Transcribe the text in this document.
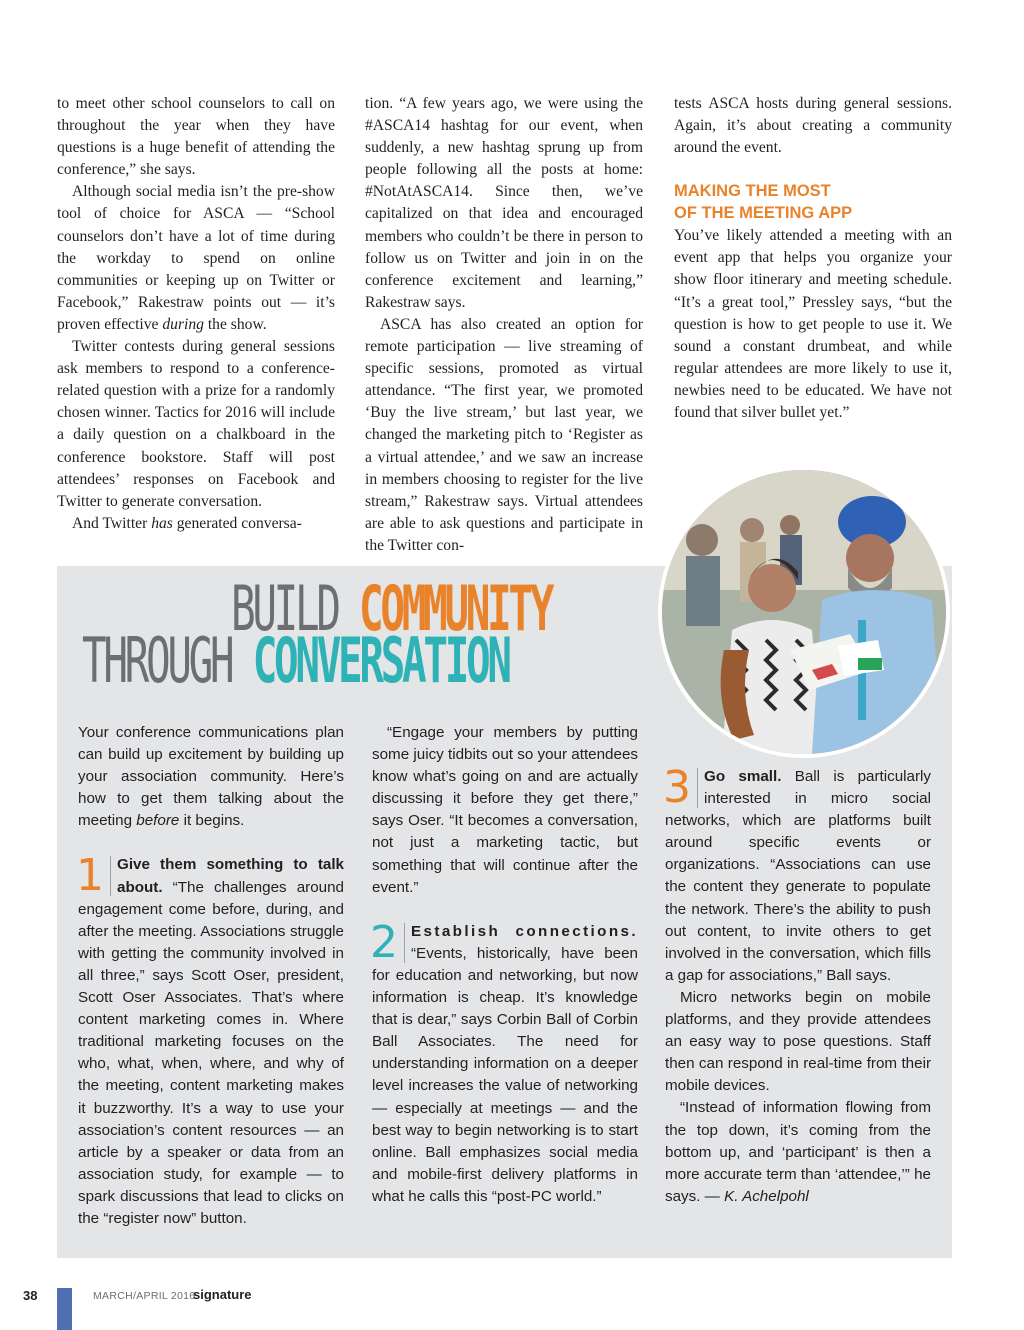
to meet other school counselors to call on throughout the year when they have questions is a huge benefit of attending the conference,” she says.

Although social media isn’t the pre-show tool of choice for ASCA — “School counselors don’t have a lot of time during the workday to spend on online communities or keeping up on Twitter or Facebook,” Rakestraw points out — it’s proven effective during the show.

Twitter contests during general sessions ask members to respond to a conference-related question with a prize for a randomly chosen winner. Tactics for 2016 will include a daily question on a chalkboard in the conference bookstore. Staff will post attendees’ responses on Facebook and Twitter to generate conversation.

And Twitter has generated conversa-

tion. “A few years ago, we were using the #ASCA14 hashtag for our event, when suddenly, a new hashtag sprung up from people following all the posts at home: #NotAtASCA14. Since then, we’ve capitalized on that idea and encouraged members who couldn’t be there in person to follow us on Twitter and join in on the conference excitement and learning,” Rakestraw says.

ASCA has also created an option for remote participation — live streaming of specific sessions, promoted as virtual attendance. “The first year, we promoted ‘Buy the live stream,’ but last year, we changed the marketing pitch to ‘Register as a virtual attendee,’ and we saw an increase in members choosing to register for the live stream,” Rakestraw says. Virtual attendees are able to ask questions and participate in the Twitter con-

tests ASCA hosts during general sessions. Again, it’s about creating a community around the event.

MAKING THE MOST
OF THE MEETING APP

You’ve likely attended a meeting with an event app that helps you organize your show floor itinerary and meeting schedule. “It’s a great tool,” Pressley says, “but the question is how to get people to use it. We sound a constant drumbeat, and while regular attendees are more likely to use it, newbies need to be educated. We have not found that silver bullet yet.”

BUILD COMMUNITY
THROUGH CONVERSATION

Your conference communications plan can build up excitement by building up your association community. Here’s how to get them talking about the meeting before it begins.

1 Give them something to talk about. “The challenges around engagement come before, during, and after the meeting. Associations struggle with getting the community involved in all three,” says Scott Oser, president, Scott Oser Associates. That’s where content marketing comes in. Where traditional marketing focuses on the who, what, when, where, and why of the meeting, content marketing makes it buzzworthy. It’s a way to use your association’s content resources — an article by a speaker or data from an association study, for example — to spark discussions that lead to clicks on the “register now” button.

“Engage your members by putting some juicy tidbits out so your attendees know what’s going on and are actually discussing it before they get there,” says Oser. “It becomes a conversation, not just a marketing tactic, but something that will continue after the event.”

2 Establish connections. “Events, historically, have been for education and networking, but now information is cheap. It’s knowledge that is dear,” says Corbin Ball of Corbin Ball Associates. The need for understanding information on a deeper level increases the value of networking — especially at meetings — and the best way to begin networking is to start online. Ball emphasizes social media and mobile-first delivery platforms in what he calls this “post-PC world.”

3 Go small. Ball is particularly interested in micro social networks, which are platforms built around specific events or organizations. “Associations can use the content they generate to populate the network. There’s the ability to push out content, to invite others to get involved in the conversation, which fills a gap for associations,” Ball says.

Micro networks begin on mobile platforms, and they provide attendees an easy way to pose questions. Staff then can respond in real-time from their mobile devices.

“Instead of information flowing from the top down, it’s coming from the bottom up, and ‘participant’ is then a more accurate term than ‘attendee,’” he says. — K. Achelpohl

38	MARCH/APRIL 2016
signature
